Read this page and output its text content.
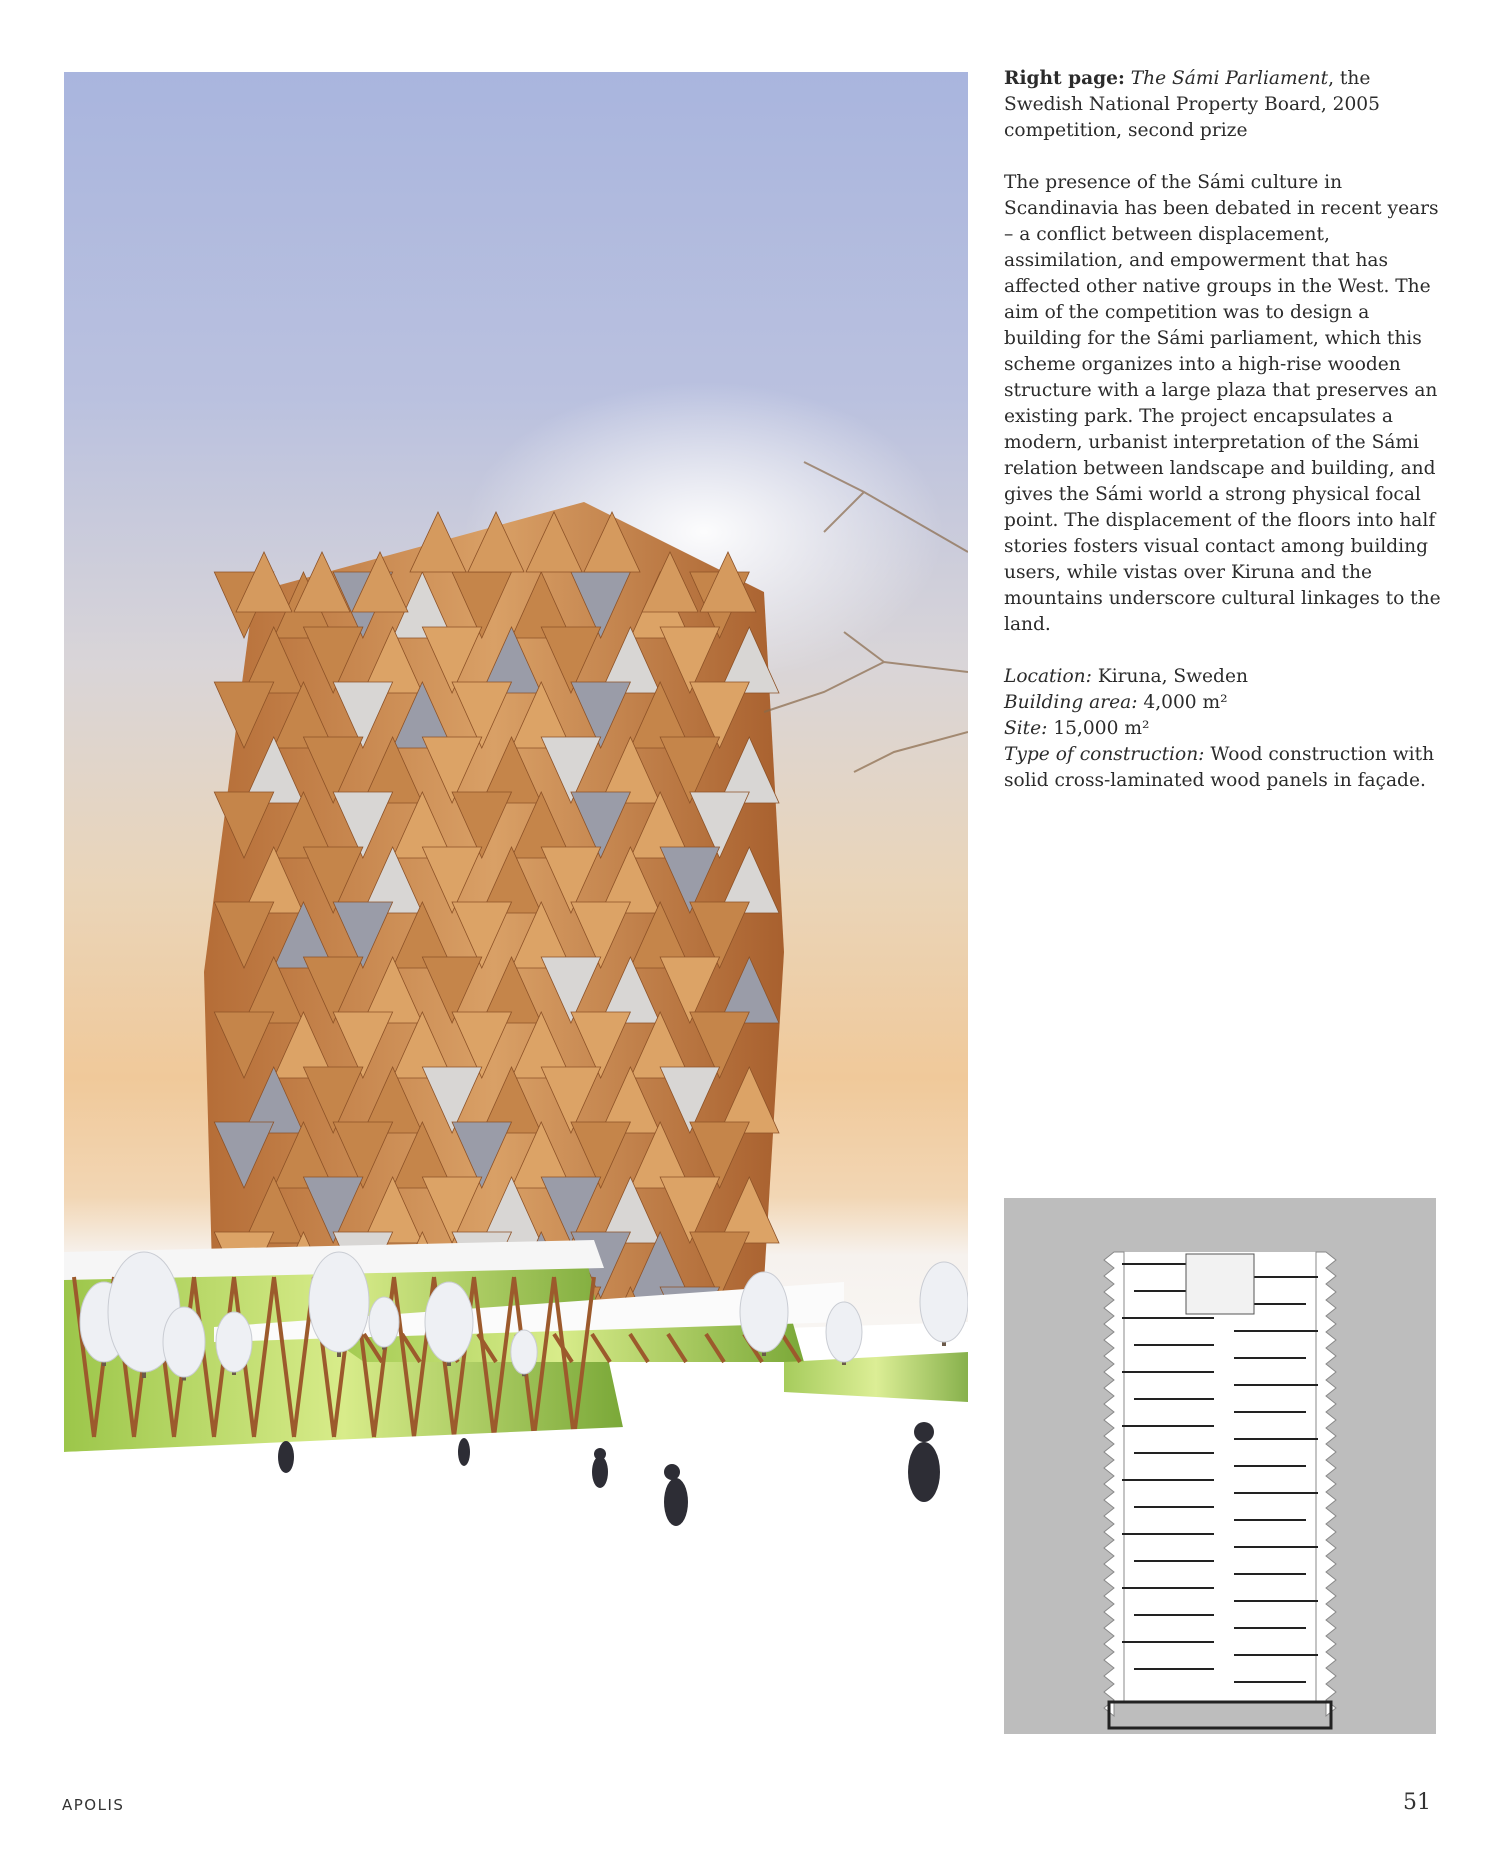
Right page: The Sámi Parliament, the Swedish National Property Board, 2005 competition, second prize

The presence of the Sámi culture in Scandinavia has been debated in recent years – a conflict between displacement, assimilation, and empowerment that has affected other native groups in the West. The aim of the competition was to design a building for the Sámi parliament, which this scheme organizes into a high-rise wooden structure with a large plaza that preserves an existing park. The project encapsulates a modern, urbanist interpretation of the Sámi relation between landscape and building, and gives the Sámi world a strong physical focal point. The displacement of the floors into half stories fosters visual contact among building users, while vistas over Kiruna and the mountains underscore cultural linkages to the land.

Location: Kiruna, Sweden
Building area: 4,000 m²
Site: 15,000 m²
Type of construction: Wood construction with solid cross-laminated wood panels in façade.
APOLIS	51
